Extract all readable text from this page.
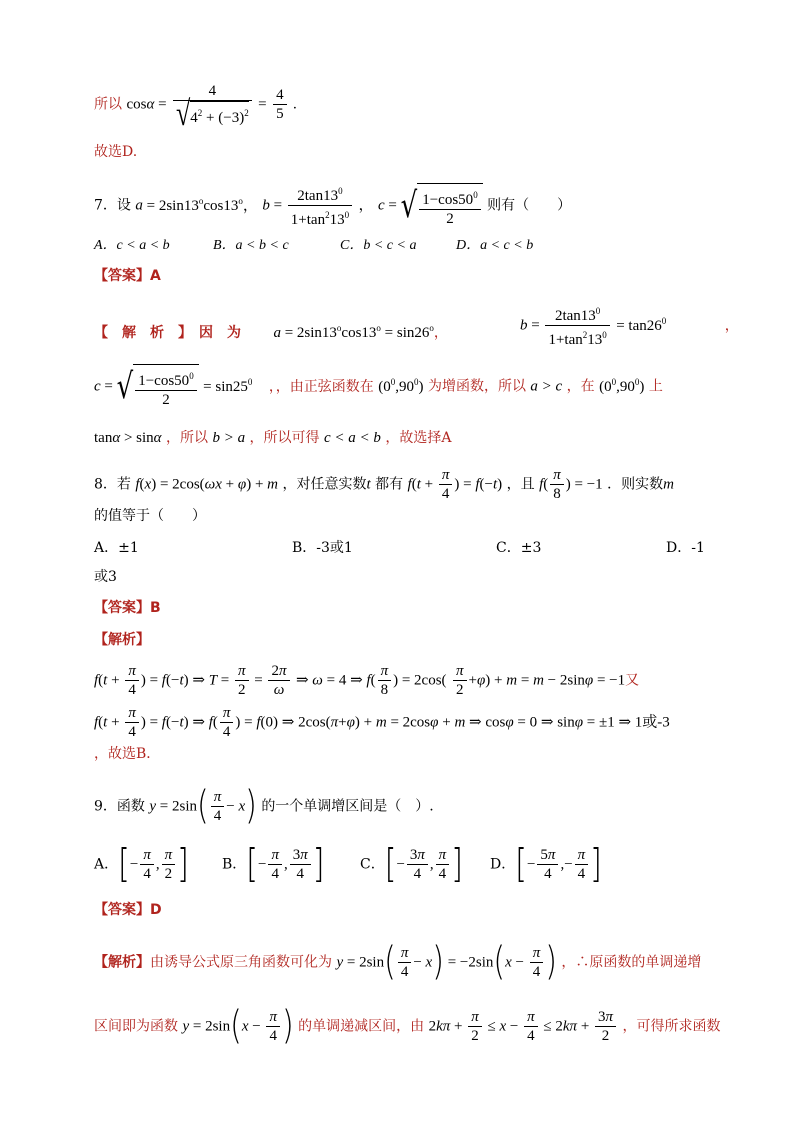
所以 $\cos\alpha = \frac{4}{√4^2 + (-3)^2} = \frac{4}{5}$ .
故选D.
7．设 $a = 2\sin 13^o\cos 13^o$， $b = \frac{2\tan 13^0}{1+\tan^213^0}$ ， c = √ $\frac{1-\cos 50^0}{2}$ 则有（　　）
A．c < a < b	B．a < b < c	C．b < c < a	D．a < c < b
【答案】A
【　解　析　】　因　为 $a = 2\sin 13^o\cos 13^o = \sin 26^o$，	$b = \frac{2\tan 13^0}{1+\tan^213^0} = \tan 26^0$	，
c = √ $\frac{1-\cos 50^0}{2} = \sin 25^0$ ，，由正弦函数在 $(0^0,90^0)$ 为增函数，所以 a > c ，在 $(0^0,90^0)$ 上
tanα > sinα ，所以 b > a ，所以可得 c < a < b ，故选择A
8．若 f(x) = 2cos(ωx + φ) + m ，对任意实数t 都有 $f(t + \frac{\pi}{4}$ ) = f(−t) ，且 $f( \frac{\pi}{8}$ ) = −1 ．则实数m
的值等于（　　）
A．±1	B．-3或1	C．±3	D．-1
或3
【答案】B
【解析】
$f(t + \frac{\pi}{4}$ ) = f(−t) ⇒ $T = \frac{\pi}{2} = \frac{2\pi}{\omega}$ ⇒ ω = 4 ⇒ $f( \frac{\pi}{8}$ ) = $2\cos( \frac{\pi}{2} +\varphi) + m = m - 2\sin\varphi = -1$又
$f(t + \frac{\pi}{4}$ ) = f(−t) ⇒ $f( \frac{\pi}{4}$ ) = f(0) ⇒ 2cos(π+φ) + m = 2cosφ + m ⇒ cosφ = 0 ⇒ sinφ = ±1 ⇒ 1或-3
，故选B．
9．函数 $y = 2\sin( \frac{\pi}{4} - x)$ 的一个单调增区间是（　）.
A．[− $\frac{\pi}{4}$ , $\frac{\pi}{2}$ ] B．[− $\frac{\pi}{4}$ , $\frac{3\pi}{4}$ ]	C．[− $\frac{3\pi}{4}$ , $\frac{\pi}{4}$ ] D．[− $\frac{5\pi}{4}$ ,− $\frac{\pi}{4}$ ]
【答案】D
【解析】由诱导公式原三角函数可化为 $y = 2\sin( \frac{\pi}{4} - x) = -2\sin(x - \frac{\pi}{4}$ ) ，∴原函数的单调递增
区间即为函数 $y = 2\sin(x - \frac{\pi}{4}$ ) 的单调递减区间，由 $2k\pi + \frac{\pi}{2} \le x - \frac{\pi}{4} \le 2k\pi + \frac{3\pi}{2}$ ，可得所求函数
